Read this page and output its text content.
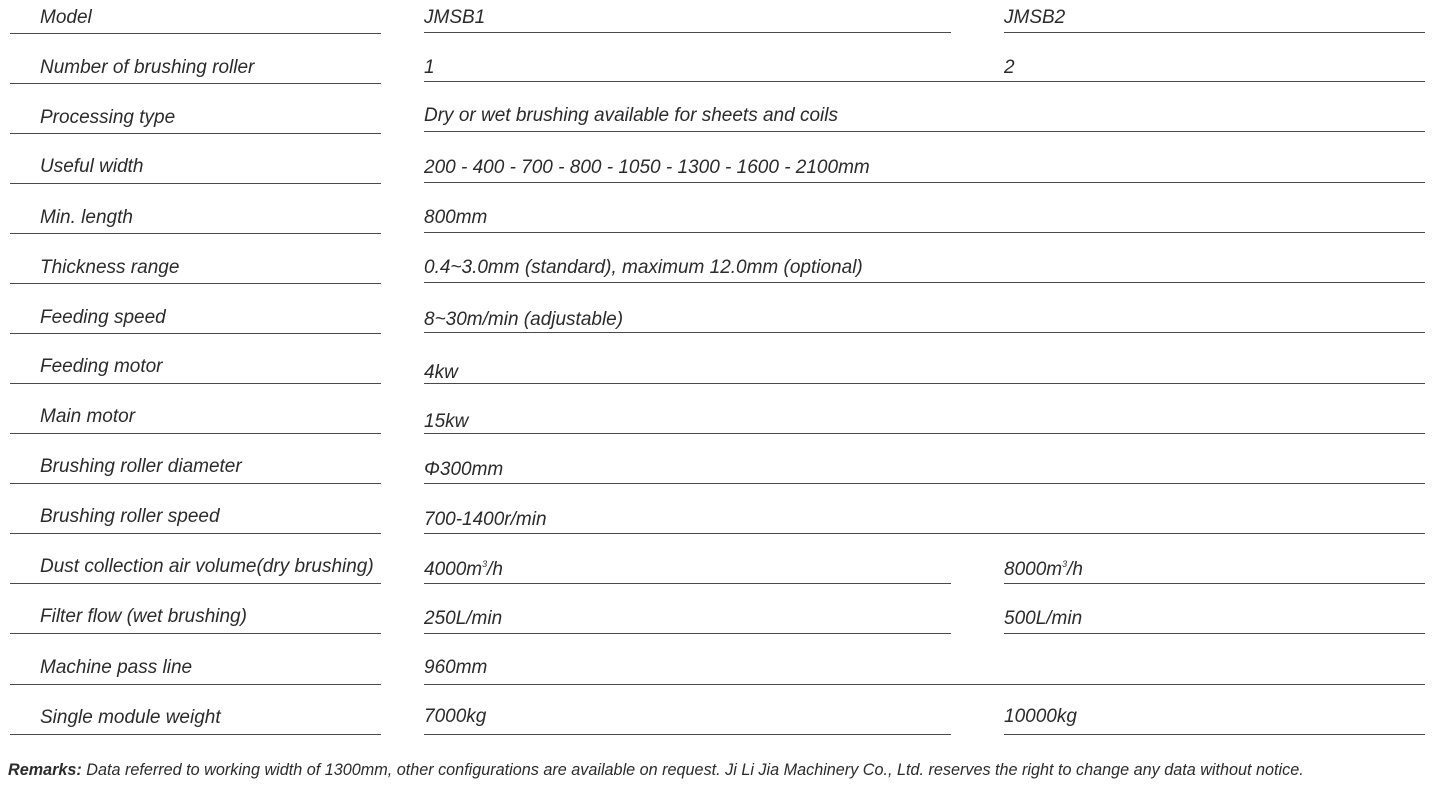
Model	JMSB1	JMSB2
Number of brushing roller	1	2
Processing type	Dry or wet brushing available for sheets and coils
Useful width	200 - 400 - 700 - 800 - 1050 - 1300 - 1600 - 2100mm
Min. length	800mm
Thickness range	0.4~3.0mm (standard), maximum 12.0mm (optional)
Feeding speed	8~30m/min (adjustable)
Feeding motor	4kw
Main motor	15kw
Brushing roller diameter	Φ300mm
Brushing roller speed	700-1400r/min
Dust collection air volume(dry brushing)	$4000m^3/h$	$8000m^3/h$
Filter flow (wet brushing)	250L/min	500L/min
Machine pass line	960mm
Single module weight	7000kg	10000kg
Remarks: Data referred to working width of 1300mm, other configurations are available on request. Ji Li Jia Machinery Co., Ltd. reserves the right to change any data without notice.
